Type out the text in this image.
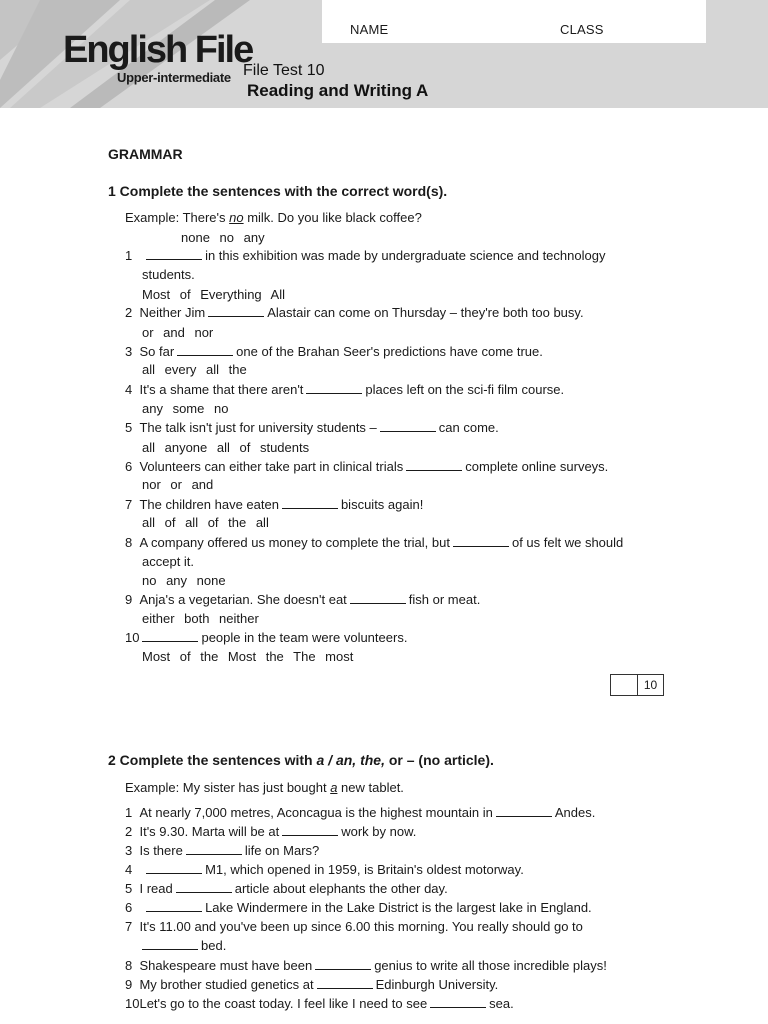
NAME	CLASS
English File
Upper-intermediate File Test 10
Reading and Writing A
GRAMMAR
1 Complete the sentences with the correct word(s).
Example: There's no milk. Do you like black coffee?
none no any
1	in this exhibition was made by undergraduate science and technology
students.
Most of Everything All
2 Neither Jim	Alastair can come on Thursday – they're both too busy.
or and nor
3 So far	one of the Brahan Seer's predictions have come true.
all every all the
4 It's a shame that there aren't	places left on the sci-fi film course.
any some no
5 The talk isn't just for university students –	can come.
all anyone all of students
6 Volunteers can either take part in clinical trials	complete online surveys.
nor or and
7 The children have eaten	biscuits again!
all of all of the all
8 A company offered us money to complete the trial, but	of us felt we should
accept it.
no any none
9 Anja's a vegetarian. She doesn't eat	fish or meat.
either both neither
10	people in the team were volunteers.
Most of the Most the The most
10
2 Complete the sentences with a / an, the, or – (no article).
Example: My sister has just bought a new tablet.
1 At nearly 7,000 metres, Aconcagua is the highest mountain in	Andes.
2 It's 9.30. Marta will be at	work by now.
3 Is there	life on Mars?
4	M1, which opened in 1959, is Britain's oldest motorway.
5 I read	article about elephants the other day.
6	Lake Windermere in the Lake District is the largest lake in England.
7 It's 11.00 and you've been up since 6.00 this morning. You really should go to
bed.
8 Shakespeare must have been	genius to write all those incredible plays!
9 My brother studied genetics at	Edinburgh University.
10Let's go to the coast today. I feel like I need to see	sea.
